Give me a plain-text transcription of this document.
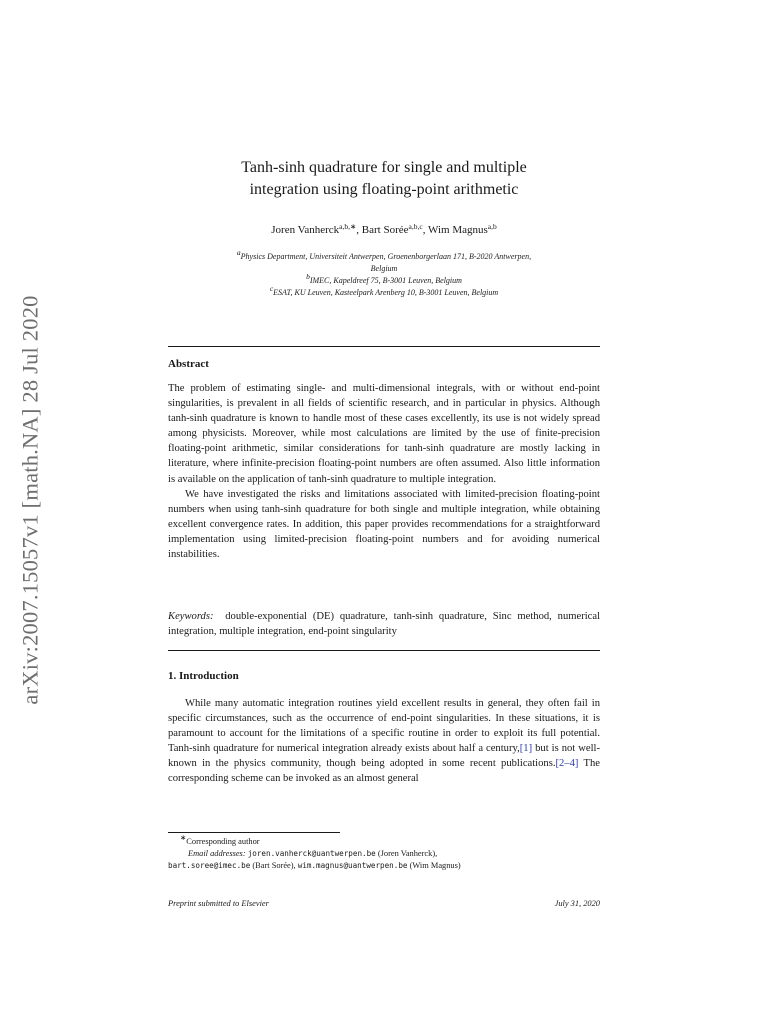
arXiv:2007.15057v1 [math.NA] 28 Jul 2020
Tanh-sinh quadrature for single and multiple
integration using floating-point arithmetic
Joren Vanherck$^{a,b,∗}$, Bart Sorée$^{a,b,c}$, Wim Magnus$^{a,b}$
$^a$Physics Department, Universiteit Antwerpen, Groenenborgerlaan 171, B-2020 Antwerpen,
Belgium
$^b$IMEC, Kapeldreef 75, B-3001 Leuven, Belgium
$^c$ESAT, KU Leuven, Kasteelpark Arenberg 10, B-3001 Leuven, Belgium
Abstract

The problem of estimating single- and multi-dimensional integrals, with or without end-point singularities, is prevalent in all fields of scientific research, and in particular in physics. Although tanh-sinh quadrature is known to handle most of these cases excellently, its use is not widely spread among physicists. Moreover, while most calculations are limited by the use of finite-precision floating-point arithmetic, similar considerations for tanh-sinh quadrature are mostly lacking in literature, where infinite-precision floating-point numbers are often assumed. Also little information is available on the application of tanh-sinh quadrature to multiple integration.

We have investigated the risks and limitations associated with limited-precision floating-point numbers when using tanh-sinh quadrature for both single and multiple integration, while obtaining excellent convergence rates. In addition, this paper provides recommendations for a straightforward implementation using limited-precision floating-point numbers and for avoiding numerical instabilities.

Keywords: double-exponential (DE) quadrature, tanh-sinh quadrature, Sinc method, numerical integration, multiple integration, end-point singularity

1. Introduction

While many automatic integration routines yield excellent results in general, they often fail in specific circumstances, such as the occurrence of end-point singularities. In these situations, it is paramount to account for the limitations of a specific routine in order to exploit its full potential. Tanh-sinh quadrature for numerical integration already exists about half a century,[1] but is not well-known in the physics community, though being adopted in some recent publications.[2–4] The corresponding scheme can be invoked as an almost general

∗Corresponding author

Email addresses: joren.vanherck@uantwerpen.be (Joren Vanherck),

bart.soree@imec.be (Bart Sorée), wim.magnus@uantwerpen.be (Wim Magnus)

Preprint submitted to Elsevier	July 31, 2020
